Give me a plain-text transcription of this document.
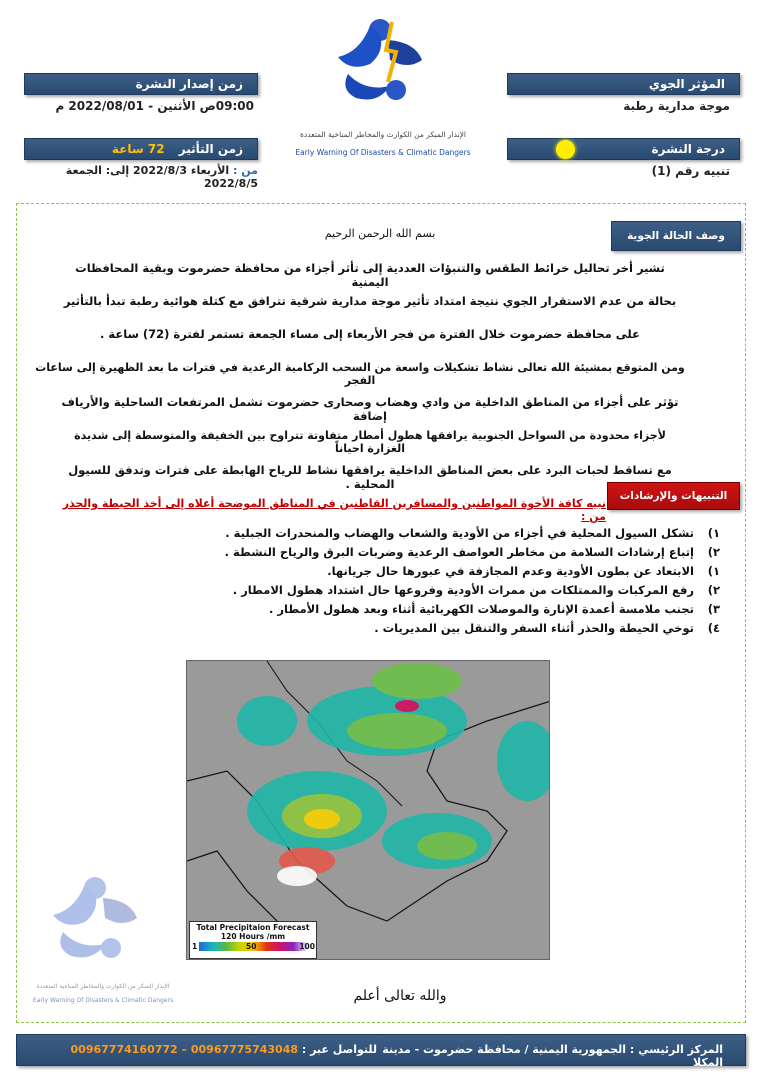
زمن إصدار النشرة
09:00ص الأثنين - 2022/08/01 م
زمن التأثير 72 ساعة
من : الأربعاء 2022/8/3 إلى: الجمعة 2022/8/5
الإنذار المبكر من الكوارث والمخاطر المناخية المتعددة
Early Warning Of Disasters & Climatic Dangers
المؤثر الجوي
موجة مدارية رطبة
درجة النشرة
تنبيه رقم (1)
وصف الحالة الجوية
بسم الله الرحمن الرحيم
تشير أخر تحاليل خرائط الطقس والتنبؤات العددية إلى تأثر أجزاء من محافظة حضرموت وبقية المحافظات اليمنية
بحالة من عدم الاستقرار الجوي نتيجة امتداد تأثير موجة مدارية شرقية تترافق مع كتلة هوائية رطبة تبدأ بالتأثير
على محافظة حضرموت خلال الفترة من فجر الأربعاء إلى مساء الجمعة تستمر لفترة (72) ساعة .
ومن المتوقع بمشيئة الله تعالى نشاط تشكيلات واسعة من السحب الركامية الرعدية في فترات ما بعد الظهيرة إلى ساعات الفجر
تؤثر على أجزاء من المناطق الداخلية من وادي وهضاب وصحارى حضرموت تشمل المرتفعات الساحلية والأرياف إضافة
لأجزاء محدودة من السواحل الجنوبية يرافقها هطول أمطار متفاوتة تتراوح بين الخفيفة والمتوسطة إلى شديدة الغزارة احياناً
مع تساقط لحبات البرد على بعض المناطق الداخلية يرافقها نشاط للرياح الهابطة على فترات وتدفق للسيول المحلية .
التنبيهات والإرشادات
نبيه كافة الأخوة المواطنين والمسافرين القاطنين في المناطق الموضحة أعلاه إلى أخذ الحيطة والحذر من :
١) تشكل السيول المحلية في أجزاء من الأودية والشعاب والهضاب والمنحدرات الجبلية .
٢) إتباع إرشادات السلامة من مخاطر العواصف الرعدية وضربات البرق والرياح النشطة .
١) الابتعاد عن بطون الأودية وعدم المجازفة في عبورها حال جريانها.
٢) رفع المركبات والممتلكات من ممرات الأودية وفروعها حال اشتداد هطول الامطار .
٣) تجنب ملامسة أعمدة الإنارة والموصلات الكهربائية أثناء وبعد هطول الأمطار .
٤) توخي الحيطة والحذر أثناء السفر والتنقل بين المديريات .
Total Precipitaion Forecast
120 Hours /mm
1	50	100
الإنذار المبكر من الكوارث والمخاطر المناخية المتعددة
Early Warning Of Disasters & Climatic Dangers	والله تعالى أعلم
المركز الرئيسي : الجمهورية اليمنية / محافظة حضرموت - مدينة المكلا
للتواصل عبر : 00967775743048 – 00967774160772
